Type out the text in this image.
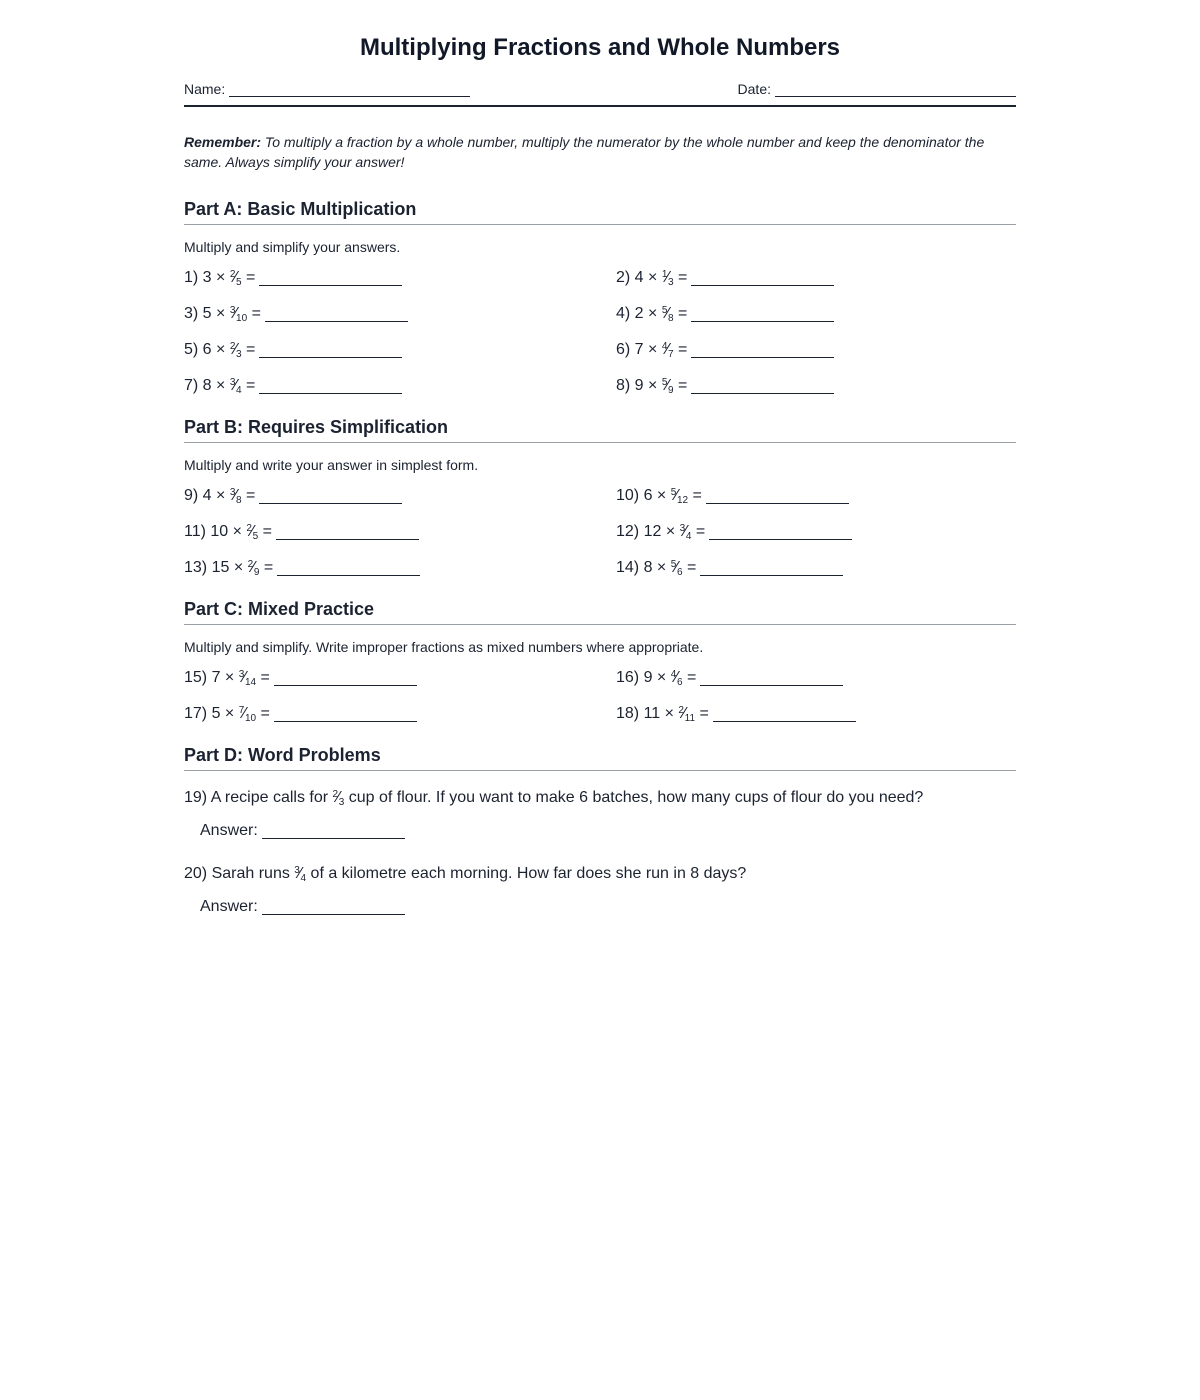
Multiplying Fractions and Whole Numbers
Name:	Date:

Remember: To multiply a fraction by a whole number, multiply the numerator by the whole number and keep the denominator the same. Always simplify your answer!

Part A: Basic Multiplication
Multiply and simplify your answers.
1) $3 \times ^2⁄_5$ =	2) $4 \times ^1⁄_3$ =
3) $5 \times ^3⁄_{10}$ =	4) $2 \times ^5⁄_8$ =
5) $6 \times ^2⁄_3$ =	6) $7 \times ^4⁄_7$ =
7) $8 \times ^3⁄_4$ =	8) $9 \times ^5⁄_9$ =
Part B: Requires Simplification
Multiply and write your answer in simplest form.
9) $4 \times ^3⁄_8$ =	10) $6 \times ^5⁄_{12}$ =
11) $10 \times ^2⁄_5$ =	12) $12 \times ^3⁄_4$ =
13) $15 \times ^2⁄_9$ =	14) $8 \times ^5⁄_6$ =
Part C: Mixed Practice
Multiply and simplify. Write improper fractions as mixed numbers where appropriate.
15) $7 \times ^3⁄_{14}$ =	16) $9 \times ^4⁄_6$ =
17) $5 \times ^7⁄_{10}$ =	18) $11 \times ^2⁄_{11}$ =
Part D: Word Problems
19) A recipe calls for $^2⁄_3$ cup of flour. If you want to make 6 batches, how many cups of flour do you need?
Answer:
20) Sarah runs $^3⁄_4$ of a kilometre each morning. How far does she run in 8 days?
Answer:
